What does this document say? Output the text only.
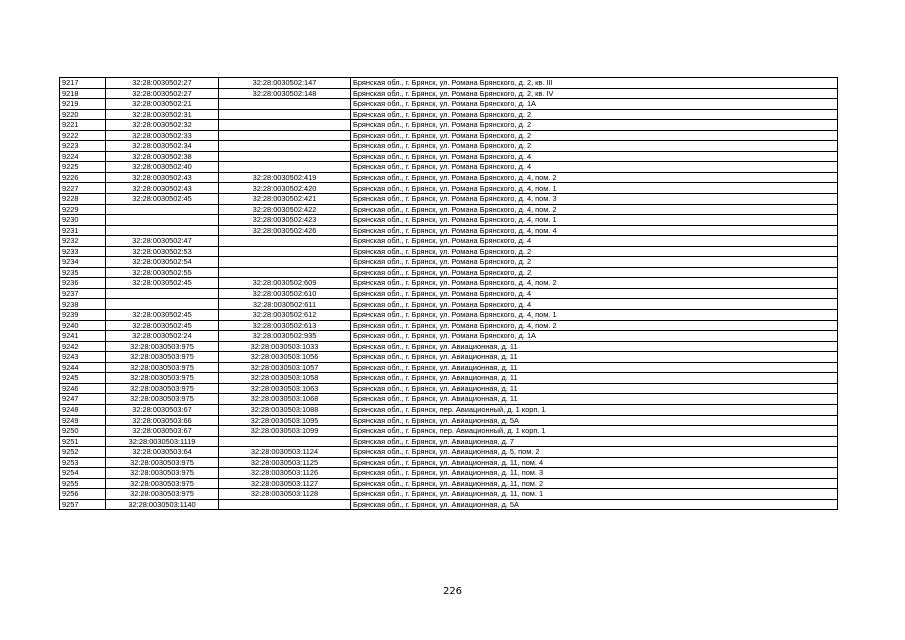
9217	32:28:0030502:27	32:28:0030502:147	Брянская обл., г. Брянск, ул. Романа Брянского, д. 2, кв. III
9218	32:28:0030502:27	32:28:0030502:148	Брянская обл., г. Брянск, ул. Романа Брянского, д. 2, кв. IV
9219	32:28:0030502:21		Брянская обл., г. Брянск, ул. Романа Брянского, д. 1А
9220	32:28:0030502:31		Брянская обл., г. Брянск, ул. Романа Брянского, д. 2
9221	32:28:0030502:32		Брянская обл., г. Брянск, ул. Романа Брянского, д. 2
9222	32:28:0030502:33		Брянская обл., г. Брянск, ул. Романа Брянского, д. 2
9223	32:28:0030502:34		Брянская обл., г. Брянск, ул. Романа Брянского, д. 2
9224	32:28:0030502:38		Брянская обл., г. Брянск, ул. Романа Брянского, д. 4
9225	32:28:0030502:40		Брянская обл., г. Брянск, ул. Романа Брянского, д. 4
9226	32:28:0030502:43	32:28:0030502:419	Брянская обл., г. Брянск, ул. Романа Брянского, д. 4, пом. 2
9227	32:28:0030502:43	32:28:0030502:420	Брянская обл., г. Брянск, ул. Романа Брянского, д. 4, пом. 1
9228	32:28:0030502:45	32:28:0030502:421	Брянская обл., г. Брянск, ул. Романа Брянского, д. 4, пом. 3
9229		32:28:0030502:422	Брянская обл., г. Брянск, ул. Романа Брянского, д. 4, пом. 2
9230		32:28:0030502:423	Брянская обл., г. Брянск, ул. Романа Брянского, д. 4, пом. 1
9231		32:28:0030502:426	Брянская обл., г. Брянск, ул. Романа Брянского, д. 4, пом. 4
9232	32:28:0030502:47		Брянская обл., г. Брянск, ул. Романа Брянского, д. 4
9233	32:28:0030502:53		Брянская обл., г. Брянск, ул. Романа Брянского, д. 2
9234	32:28:0030502:54		Брянская обл., г. Брянск, ул. Романа Брянского, д. 2
9235	32:28:0030502:55		Брянская обл., г. Брянск, ул. Романа Брянского, д. 2
9236	32:28:0030502:45	32:28:0030502:609	Брянская обл., г. Брянск, ул. Романа Брянского, д. 4, пом. 2
9237		32:28:0030502:610	Брянская обл., г. Брянск, ул. Романа Брянского, д. 4
9238		32:28:0030502:611	Брянская обл., г. Брянск, ул. Романа Брянского, д. 4
9239	32:28:0030502:45	32:28:0030502:612	Брянская обл., г. Брянск, ул. Романа Брянского, д. 4, пом. 1
9240	32:28:0030502:45	32:28:0030502:613	Брянская обл., г. Брянск, ул. Романа Брянского, д. 4, пом. 2
9241	32:28:0030502:24	32:28:0030502:935	Брянская обл., г. Брянск, ул. Романа Брянского, д. 1А
9242	32:28:0030503:975	32:28:0030503:1033	Брянская обл., г. Брянск, ул. Авиационная, д. 11
9243	32:28:0030503:975	32:28:0030503:1056	Брянская обл., г. Брянск, ул. Авиационная, д. 11
9244	32:28:0030503:975	32:28:0030503:1057	Брянская обл., г. Брянск, ул. Авиационная, д. 11
9245	32:28:0030503:975	32:28:0030503:1058	Брянская обл., г. Брянск, ул. Авиационная, д. 11
9246	32:28:0030503:975	32:28:0030503:1063	Брянская обл., г. Брянск, ул. Авиационная, д. 11
9247	32:28:0030503:975	32:28:0030503:1068	Брянская обл., г. Брянск, ул. Авиационная, д. 11
9248	32:28:0030503:67	32:28:0030503:1088	Брянская обл., г. Брянск, пер. Авиационный, д. 1 корп. 1
9249	32:28:0030503:66	32:28:0030503:1095	Брянская обл., г. Брянск, ул. Авиационная, д. 5А
9250	32:28:0030503:67	32:28:0030503:1099	Брянская обл., г. Брянск, пер. Авиационный, д. 1 корп. 1
9251	32:28:0030503:1119		Брянская обл., г. Брянск, ул. Авиационная, д. 7
9252	32:28:0030503:64	32:28:0030503:1124	Брянская обл., г. Брянск, ул. Авиационная, д. 5, пом. 2
9253	32:28:0030503:975	32:28:0030503:1125	Брянская обл., г. Брянск, ул. Авиационная, д. 11, пом. 4
9254	32:28:0030503:975	32:28:0030503:1126	Брянская обл., г. Брянск, ул. Авиационная, д. 11, пом. 3
9255	32:28:0030503:975	32:28:0030503:1127	Брянская обл., г. Брянск, ул. Авиационная, д. 11, пом. 2
9256	32:28:0030503:975	32:28:0030503:1128	Брянская обл., г. Брянск, ул. Авиационная, д. 11, пом. 1
9257	32:28:0030503:1140		Брянская обл., г. Брянск, ул. Авиационная, д. 5А
226
